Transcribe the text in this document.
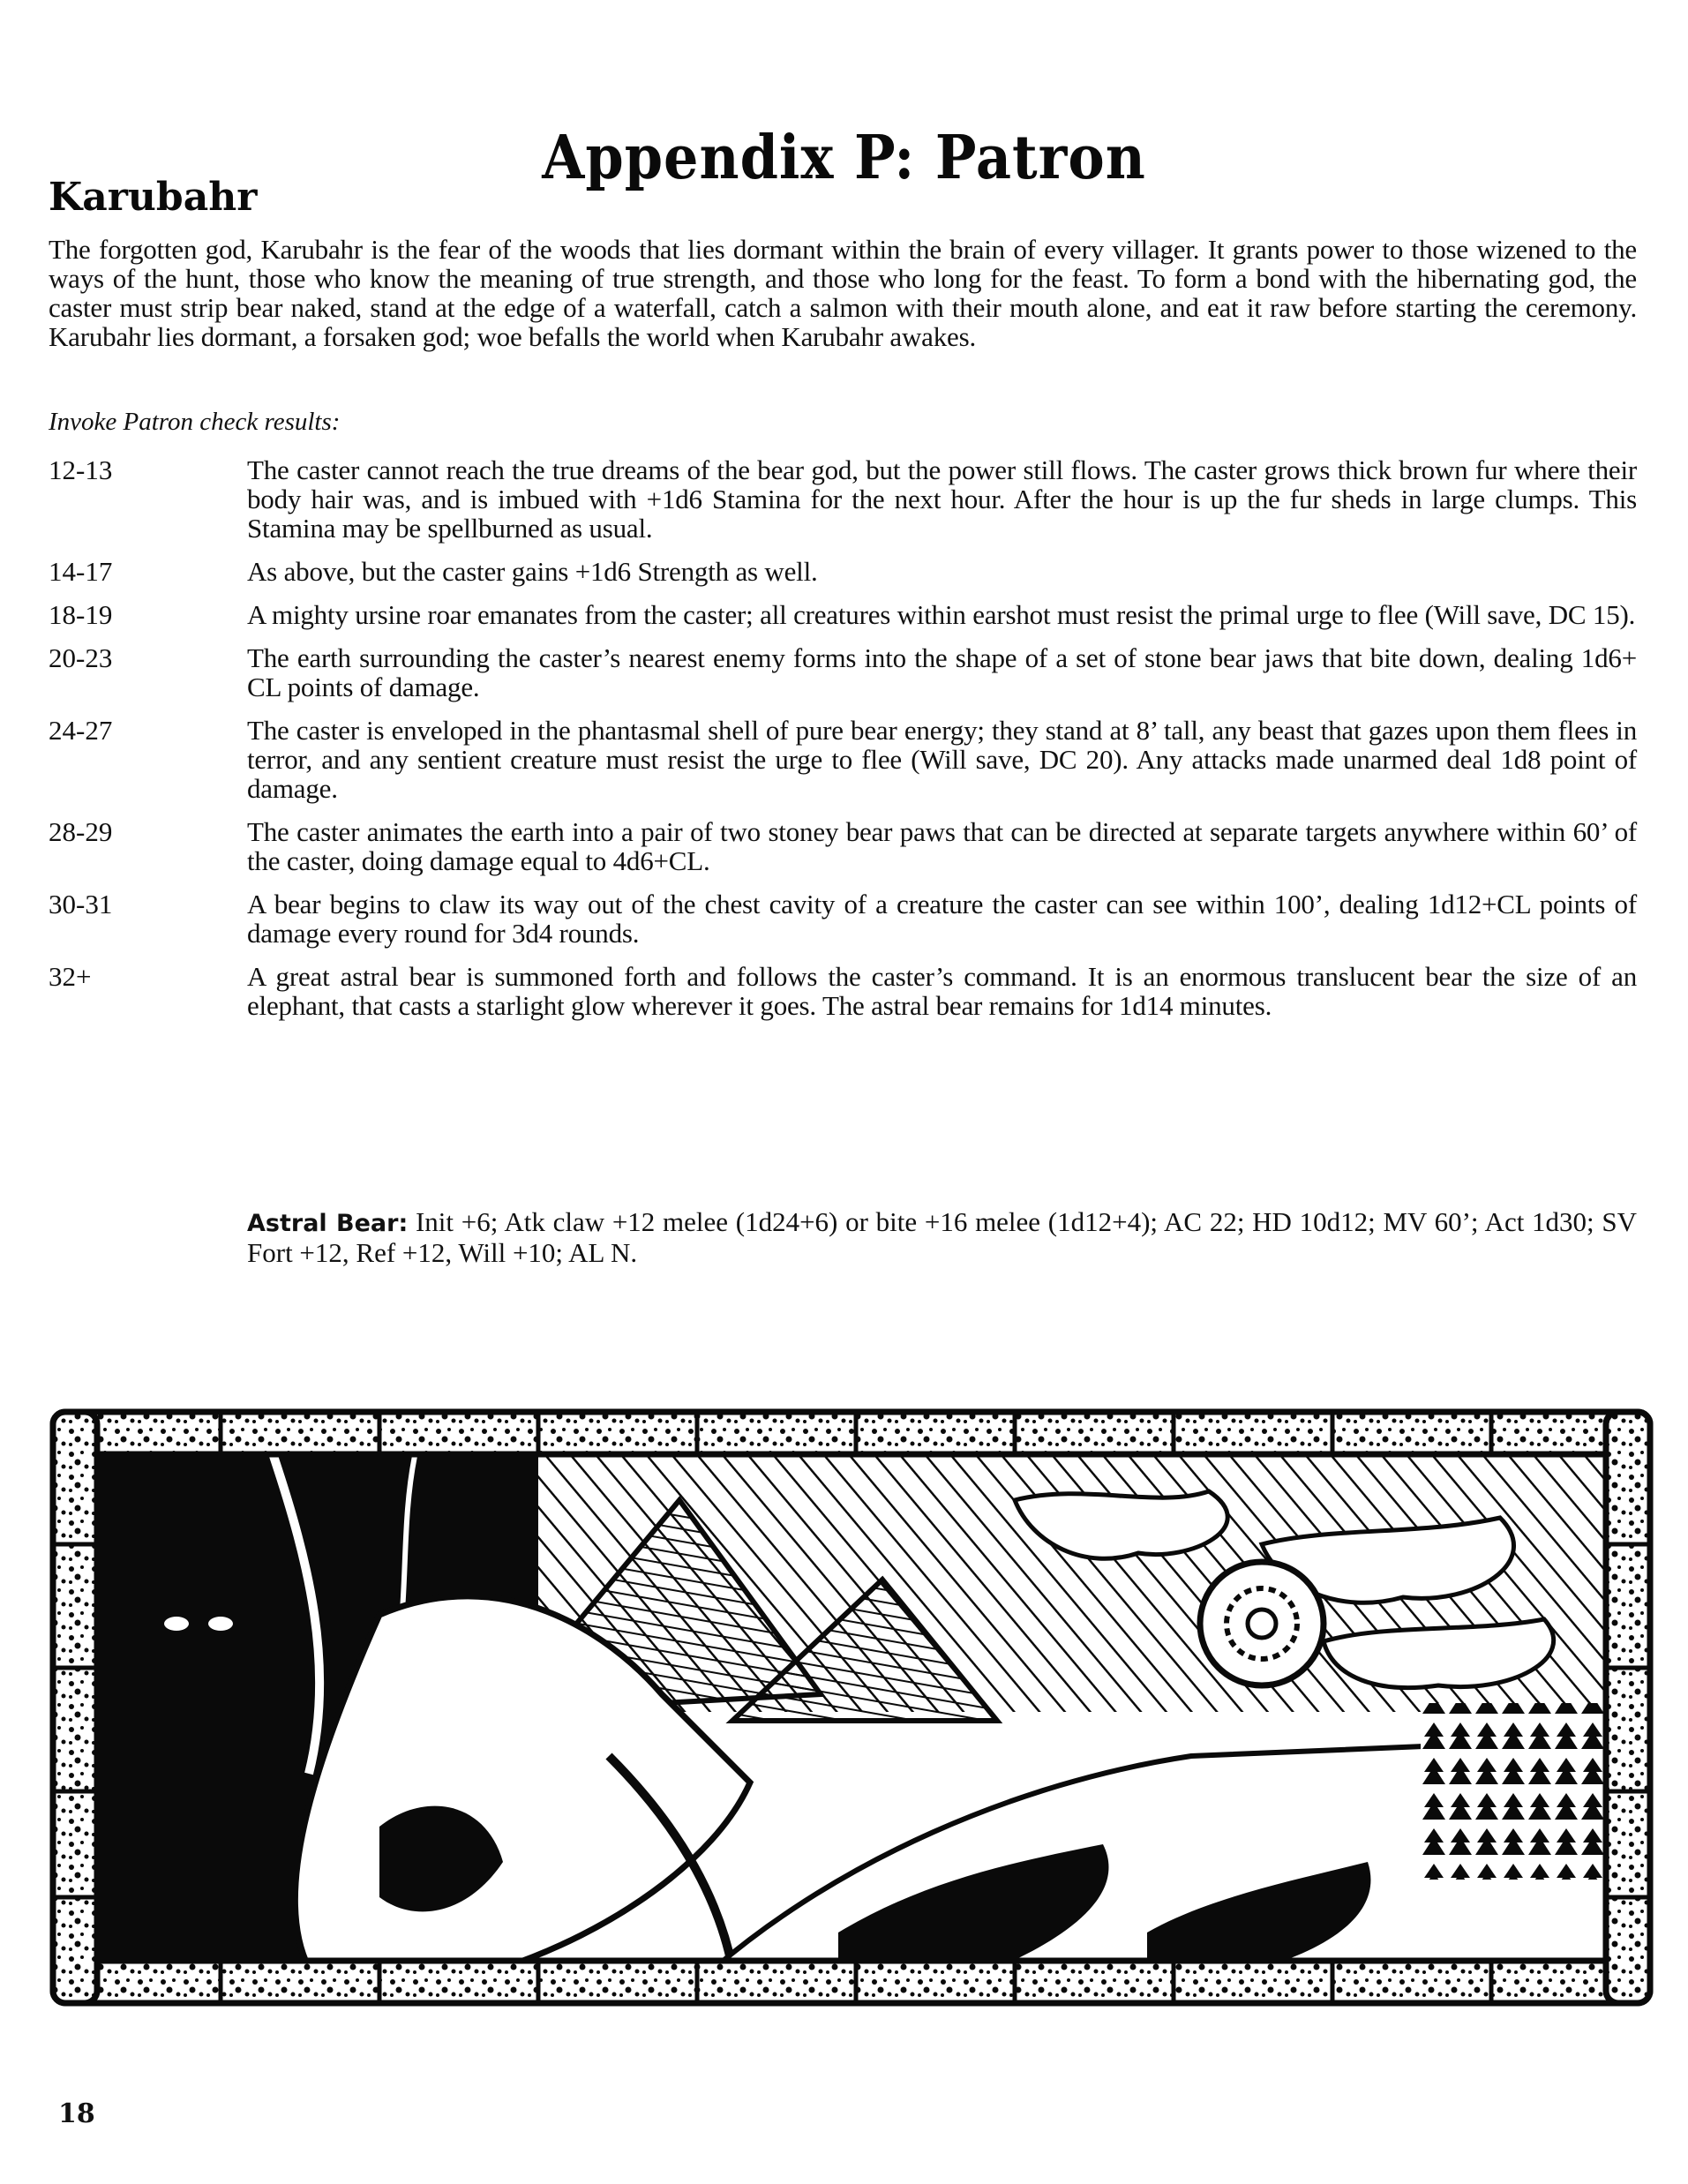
Appendix P: Patron
Karubahr

The forgotten god, Karubahr is the fear of the woods that lies dormant within the brain of every villager. It grants power to those wizened to the ways of the hunt, those who know the meaning of true strength, and those who long for the feast. To form a bond with the hibernating god, the caster must strip bear naked, stand at the edge of a waterfall, catch a salmon with their mouth alone, and eat it raw before starting the ceremony. Karubahr lies dormant, a forsaken god; woe befalls the world when Karubahr awakes.

Invoke Patron check results:
12-13	The caster cannot reach the true dreams of the bear god, but the power still flows. The caster grows thick brown fur where their body hair was, and is imbued with +1d6 Stamina for the next hour. After the hour is up the fur sheds in large clumps. This Stamina may be spellburned as usual.
14-17	As above, but the caster gains +1d6 Strength as well.
18-19	A mighty ursine roar emanates from the caster; all creatures within earshot must resist the primal urge to flee (Will save, DC 15).
20-23	The earth surrounding the caster’s nearest enemy forms into the shape of a set of stone bear jaws that bite down, dealing 1d6+ CL points of damage.
24-27	The caster is enveloped in the phantasmal shell of pure bear energy; they stand at 8’ tall, any beast that gazes upon them flees in terror, and any sentient creature must resist the urge to flee (Will save, DC 20). Any attacks made unarmed deal 1d8 point of damage.
28-29	The caster animates the earth into a pair of two stoney bear paws that can be directed at separate targets anywhere within 60’ of the caster, doing damage equal to 4d6+CL.
30-31	A bear begins to claw its way out of the chest cavity of a creature the caster can see within 100’, dealing 1d12+CL points of damage every round for 3d4 rounds.
32+	A great astral bear is summoned forth and follows the caster’s command. It is an enormous translucent bear the size of an elephant, that casts a starlight glow wherever it goes. The astral bear remains for 1d14 minutes.
Astral Bear: Init +6; Atk claw +12 melee (1d24+6) or bite +16 melee (1d12+4); AC 22; HD 10d12; MV 60’; Act 1d30; SV Fort +12, Ref +12, Will +10; AL N.
18
